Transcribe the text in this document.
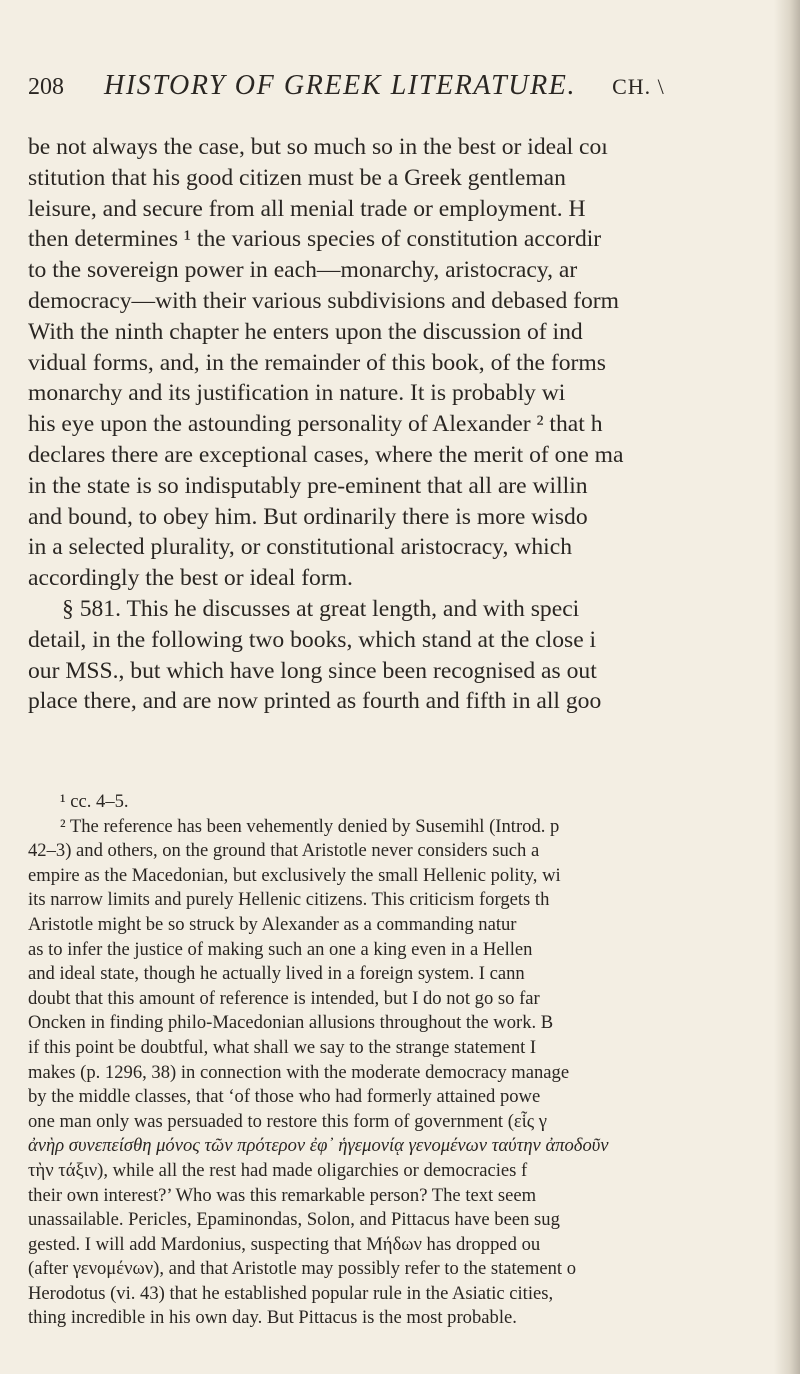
208 HISTORY OF GREEK LITERATURE. CH. \
be not always the case, but so much so in the best or ideal coı
stitution that his good citizen must be a Greek gentleman
leisure, and secure from all menial trade or employment. H
then determines ¹ the various species of constitution accordir
to the sovereign power in each—monarchy, aristocracy, ar
democracy—with their various subdivisions and debased form
With the ninth chapter he enters upon the discussion of ind
vidual forms, and, in the remainder of this book, of the forms
monarchy and its justification in nature. It is probably wi
his eye upon the astounding personality of Alexander ² that h
declares there are exceptional cases, where the merit of one ma
in the state is so indisputably pre-eminent that all are willin
and bound, to obey him. But ordinarily there is more wisdo
in a selected plurality, or constitutional aristocracy, which
accordingly the best or ideal form.
§ 581. This he discusses at great length, and with speci
detail, in the following two books, which stand at the close i
our MSS., but which have long since been recognised as out
place there, and are now printed as fourth and fifth in all goo
¹ cc. 4–5.
² The reference has been vehemently denied by Susemihl (Introd. p
42–3) and others, on the ground that Aristotle never considers such a
empire as the Macedonian, but exclusively the small Hellenic polity, wi
its narrow limits and purely Hellenic citizens. This criticism forgets th
Aristotle might be so struck by Alexander as a commanding natur
as to infer the justice of making such an one a king even in a Hellen
and ideal state, though he actually lived in a foreign system. I cann
doubt that this amount of reference is intended, but I do not go so far
Oncken in finding philo-Macedonian allusions throughout the work. B
if this point be doubtful, what shall we say to the strange statement I
makes (p. 1296, 38) in connection with the moderate democracy manage
by the middle classes, that ‘of those who had formerly attained powe
one man only was persuaded to restore this form of government (εἷς γ
ἀνὴρ συνεπείσθη μόνος τῶν πρότερον ἐφ᾽ ἡγεμονίᾳ γενομένων ταύτην ἀποδοῦν
τὴν τάξιν), while all the rest had made oligarchies or democracies f
their own interest?’ Who was this remarkable person? The text seem
unassailable. Pericles, Epaminondas, Solon, and Pittacus have been sug
gested. I will add Mardonius, suspecting that Μήδων has dropped ou
(after γενομένων), and that Aristotle may possibly refer to the statement o
Herodotus (vi. 43) that he established popular rule in the Asiatic cities,
thing incredible in his own day. But Pittacus is the most probable.
